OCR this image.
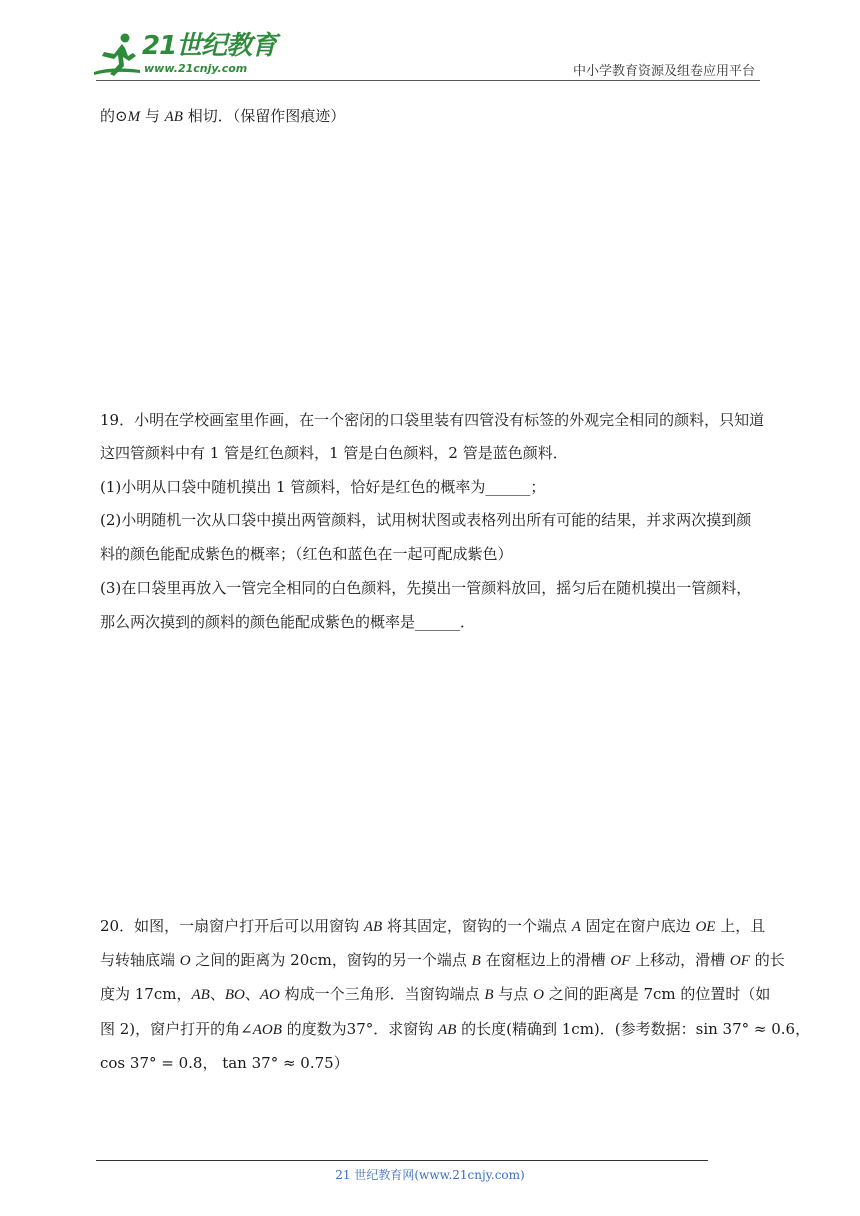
21世纪教育
www.21cnjy.com	中小学教育资源及组卷应用平台
的⊙M 与 AB 相切．（保留作图痕迹）
19．小明在学校画室里作画，在一个密闭的口袋里装有四管没有标签的外观完全相同的颜料，只知道
这四管颜料中有 1 管是红色颜料，1 管是白色颜料，2 管是蓝色颜料．
(1)小明从口袋中随机摸出 1 管颜料，恰好是红色的概率为______；
(2)小明随机一次从口袋中摸出两管颜料，试用树状图或表格列出所有可能的结果，并求两次摸到颜
料的颜色能配成紫色的概率；（红色和蓝色在一起可配成紫色）
(3)在口袋里再放入一管完全相同的白色颜料，先摸出一管颜料放回，摇匀后在随机摸出一管颜料，
那么两次摸到的颜料的颜色能配成紫色的概率是______．
20．如图，一扇窗户打开后可以用窗钩 AB 将其固定，窗钩的一个端点 A 固定在窗户底边 OE 上，且
与转轴底端 O 之间的距离为 20cm，窗钩的另一个端点 B 在窗框边上的滑槽 OF 上移动，滑槽 OF 的长
度为 17cm，AB、BO、AO 构成一个三角形．当窗钩端点 B 与点 O 之间的距离是 7cm 的位置时（如
图 2)，窗户打开的角∠AOB 的度数为37°．求窗钩 AB 的长度(精确到 1cm)．(参考数据：sin 37° ≈ 0.6，
cos 37° = 0.8， tan 37° ≈ 0.75）
21 世纪教育网(www.21cnjy.com)
